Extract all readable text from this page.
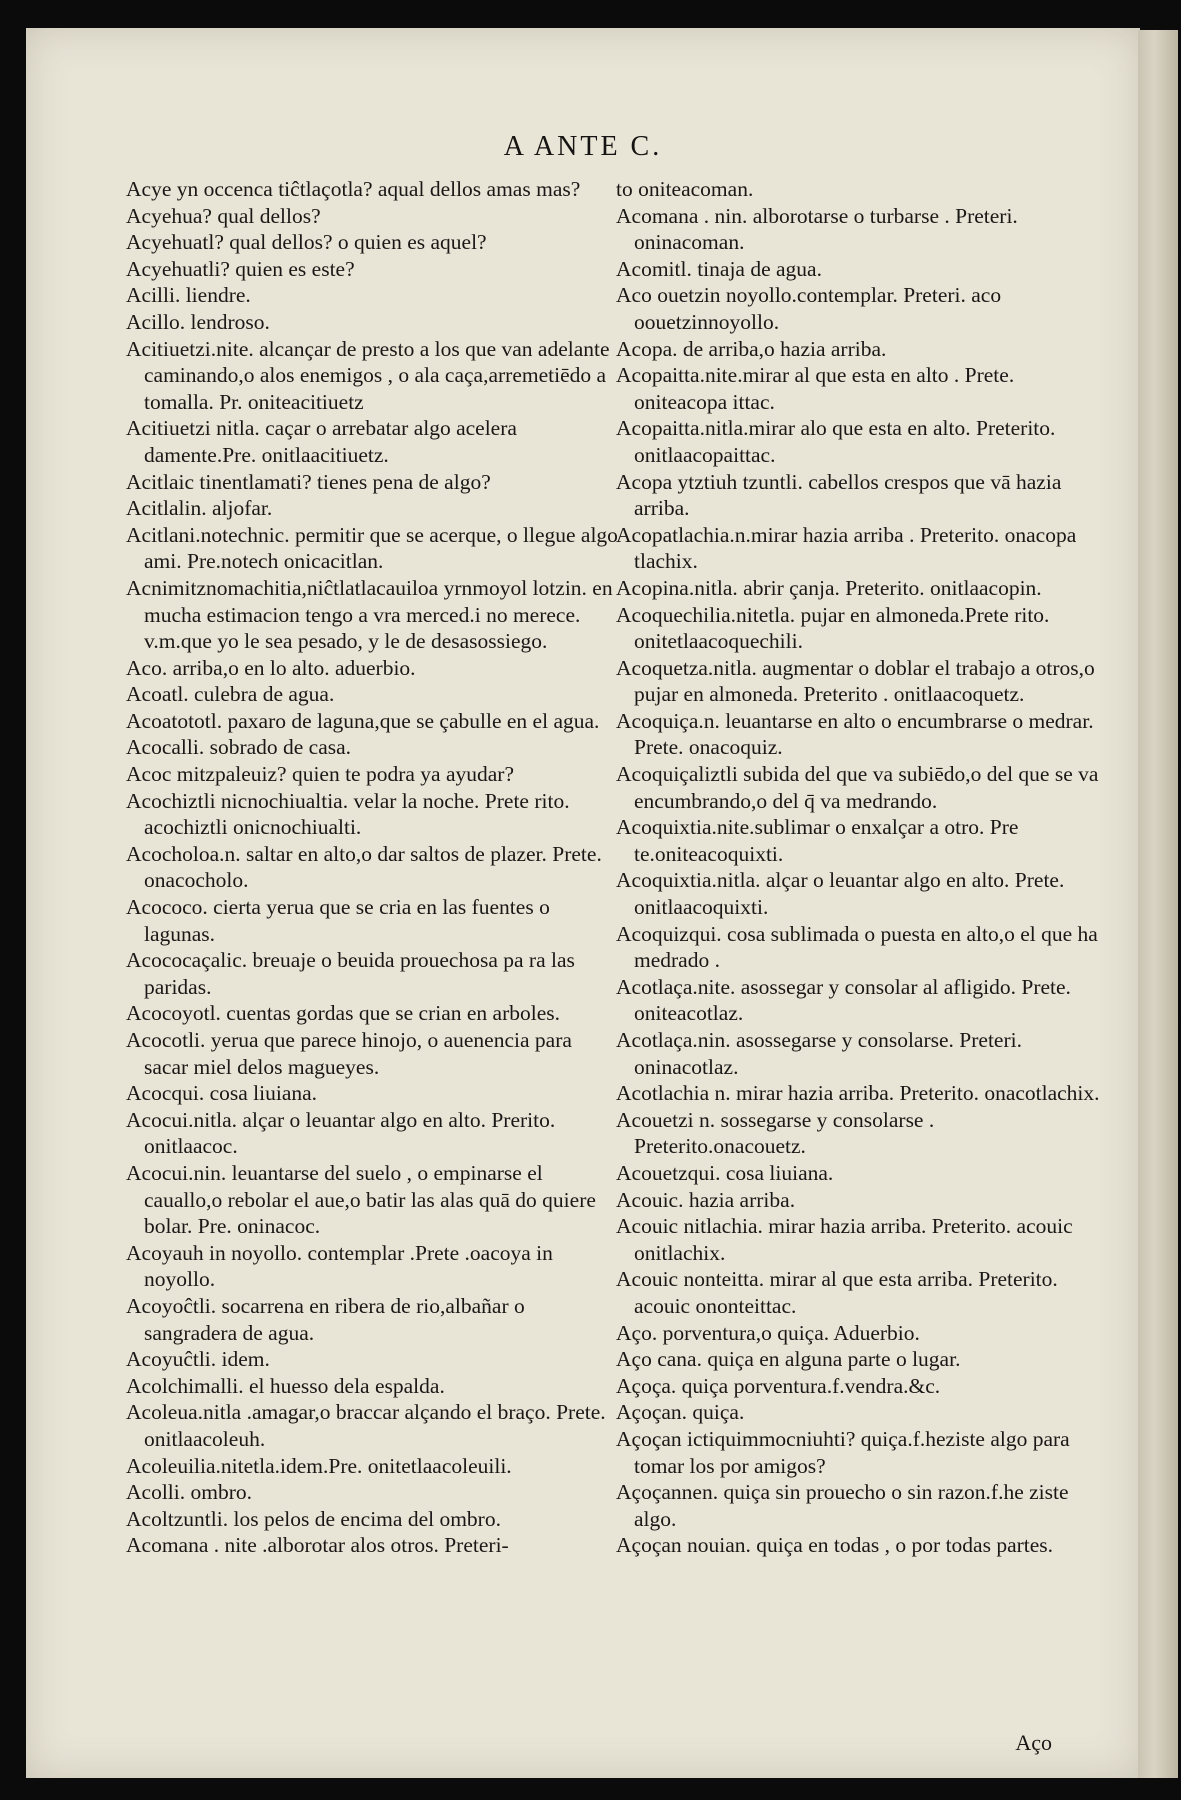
A ANTE C.
Acye yn occenca tiĉtlaçotla? aqual dellos amas mas?
Acyehua? qual dellos?
Acyehuatl? qual dellos? o quien es aquel?
Acyehuatli? quien es este?
Acilli. liendre.
Acillo. lendroso.
Acitiuetzi.nite. alcançar de presto a los que van adelante caminando,o alos enemigos , o ala caça,arremetiēdo a tomalla. Pr. oniteacitiuetz
Acitiuetzi nitla. caçar o arrebatar algo acelera damente.Pre. onitlaacitiuetz.
Acitlaic tinentlamati? tienes pena de algo?
Acitlalin. aljofar.
Acitlani.notechnic. permitir que se acerque, o llegue algo ami. Pre.notech onicacitlan.
Acnimitznomachitia,niĉtlatlacauiloa yrnmoyol lotzin. en mucha estimacion tengo a vra merced.i no merece. v.m.que yo le sea pesado, y le de desasossiego.
Aco. arriba,o en lo alto. aduerbio.
Acoatl. culebra de agua.
Acoatototl. paxaro de laguna,que se çabulle en el agua.
Acocalli. sobrado de casa.
Acoc mitzpaleuiz? quien te podra ya ayudar?
Acochiztli nicnochiualtia. velar la noche. Prete rito. acochiztli onicnochiualti.
Acocholoa.n. saltar en alto,o dar saltos de plazer. Prete. onacocholo.
Acococo. cierta yerua que se cria en las fuentes o lagunas.
Acococaçalic. breuaje o beuida prouechosa pa ra las paridas.
Acocoyotl. cuentas gordas que se crian en arboles.
Acocotli. yerua que parece hinojo, o auenencia para sacar miel delos magueyes.
Acocqui. cosa liuiana.
Acocui.nitla. alçar o leuantar algo en alto. Prerito. onitlaacoc.
Acocui.nin. leuantarse del suelo , o empinarse el cauallo,o rebolar el aue,o batir las alas quā do quiere bolar. Pre. oninacoc.
Acoyauh in noyollo. contemplar .Prete .oacoya in noyollo.
Acoyoĉtli. socarrena en ribera de rio,albañar o sangradera de agua.
Acoyuĉtli. idem.
Acolchimalli. el huesso dela espalda.
Acoleua.nitla .amagar,o braccar alçando el braço. Prete. onitlaacoleuh.
Acoleuilia.nitetla.idem.Pre. onitetlaacoleuili.
Acolli. ombro.
Acoltzuntli. los pelos de encima del ombro.
Acomana . nite .alborotar alos otros. Preteri-
to oniteacoman.
Acomana . nin. alborotarse o turbarse . Preteri. oninacoman.
Acomitl. tinaja de agua.
Aco ouetzin noyollo.contemplar. Preteri. aco oouetzinnoyollo.
Acopa. de arriba,o hazia arriba.
Acopaitta.nite.mirar al que esta en alto . Prete. oniteacopa ittac.
Acopaitta.nitla.mirar alo que esta en alto. Preterito. onitlaacopaittac.
Acopa ytztiuh tzuntli. cabellos crespos que vā hazia arriba.
Acopatlachia.n.mirar hazia arriba . Preterito. onacopa tlachix.
Acopina.nitla. abrir çanja. Preterito. onitlaacopin.
Acoquechilia.nitetla. pujar en almoneda.Prete rito. onitetlaacoquechili.
Acoquetza.nitla. augmentar o doblar el trabajo a otros,o pujar en almoneda. Preterito . onitlaacoquetz.
Acoquiça.n. leuantarse en alto o encumbrarse o medrar. Prete. onacoquiz.
Acoquiçaliztli subida del que va subiēdo,o del que se va encumbrando,o del q̄ va medrando.
Acoquixtia.nite.sublimar o enxalçar a otro. Pre te.oniteacoquixti.
Acoquixtia.nitla. alçar o leuantar algo en alto. Prete. onitlaacoquixti.
Acoquizqui. cosa sublimada o puesta en alto,o el que ha medrado .
Acotlaça.nite. asossegar y consolar al afligido. Prete. oniteacotlaz.
Acotlaça.nin. asossegarse y consolarse. Preteri. oninacotlaz.
Acotlachia n. mirar hazia arriba. Preterito. onacotlachix.
Acouetzi n. sossegarse y consolarse . Preterito.onacouetz.
Acouetzqui. cosa liuiana.
Acouic. hazia arriba.
Acouic nitlachia. mirar hazia arriba. Preterito. acouic onitlachix.
Acouic nonteitta. mirar al que esta arriba. Preterito. acouic ononteittac.
Aço. porventura,o quiça. Aduerbio.
Aço cana. quiça en alguna parte o lugar.
Açoça. quiça porventura.f.vendra.&c.
Açoçan. quiça.
Açoçan ictiquimmocniuhti? quiça.f.heziste algo para tomar los por amigos?
Açoçannen. quiça sin prouecho o sin razon.f.he ziste algo.
Açoçan nouian. quiça en todas , o por todas partes.
Aço
